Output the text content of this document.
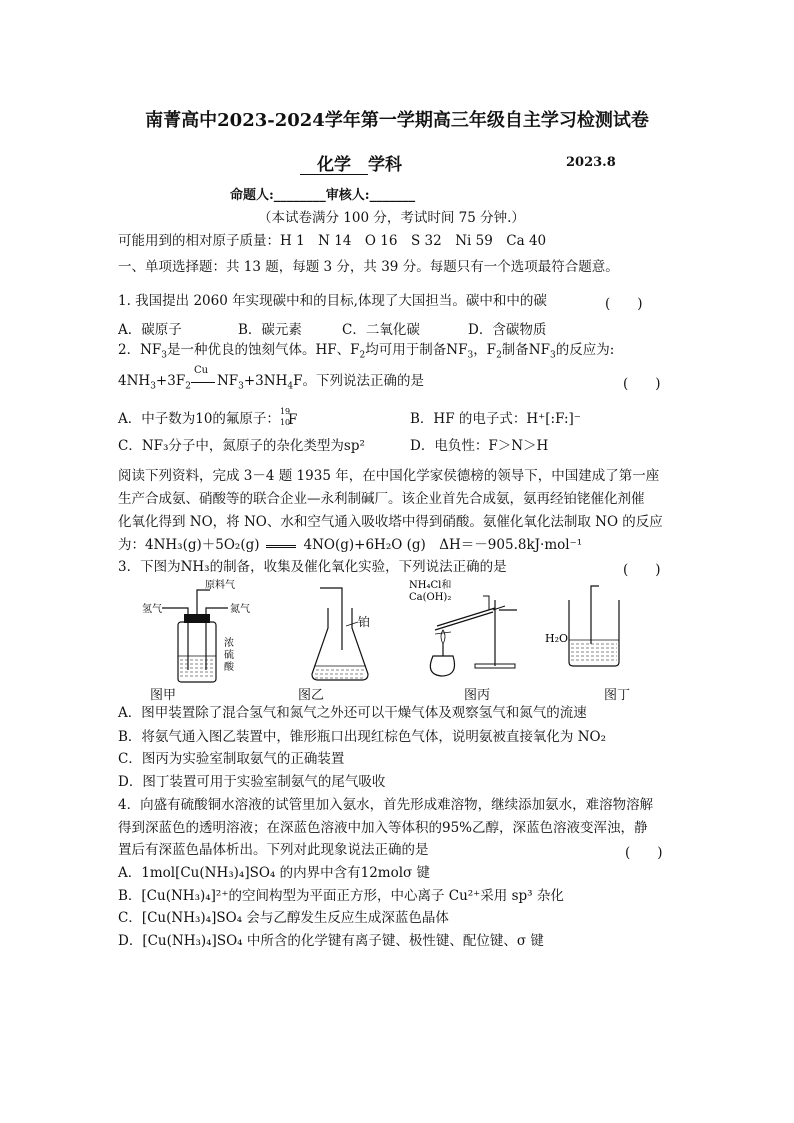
南菁高中2023-2024学年第一学期高三年级自主学习检测试卷
  化学   学科	2023.8
命题人:________审核人:_______
（本试卷满分 100 分，考试时间 75 分钟.）
可能用到的相对原子质量：H 1　N 14　O 16　S 32　Ni 59　Ca 40
一、单项选择题：共 13 题，每题 3 分，共 39 分。每题只有一个选项最符合题意。
1. 我国提出 2060 年实现碳中和的目标,体现了大国担当。碳中和中的碳	(　　)
A．碳原子	B．碳元素	C．二氧化碳	D．含碳物质
2．$NF_3$是一种优良的蚀刻气体。HF、$F_2$均可用于制备$NF_3$，$F_2$制备$NF_3$的反应为:
$4NH_3+3F_2$
Cu
$NF_3+3NH_4F$。下列说法正确的是	(　　)
A．中子数为10的氟原子： 19
10
F	B．HF 的电子式：H⁺[:F:]⁻
C．NF₃分子中，氮原子的杂化类型为sp²	D．电负性：F＞N＞H
阅读下列资料，完成 3－4 题 1935 年，在中国化学家侯德榜的领导下，中国建成了第一座
生产合成氨、硝酸等的联合企业—永利制碱厂。该企业首先合成氨，氨再经铂铑催化剂催
化氧化得到 NO，将 NO、水和空气通入吸收塔中得到硝酸。氨催化氧化法制取 NO 的反应
为：4NH₃(g)＋5O₂(g)	4NO(g)+6H₂O (g)　ΔH＝－905.8kJ·mol⁻¹
3．下图为NH₃的制备，收集及催化氧化实验，下列说法正确的是	(　　)
原料气
氢气	氮气
浓
硫
酸
铂
NH₄Cl和
Ca(OH)₂
H₂O
图甲	图乙	图丙	图丁
A．图甲装置除了混合氢气和氮气之外还可以干燥气体及观察氢气和氮气的流速
B．将氨气通入图乙装置中，锥形瓶口出现红棕色气体，说明氨被直接氧化为 NO₂
C．图丙为实验室制取氨气的正确装置
D．图丁装置可用于实验室制氨气的尾气吸收
4．向盛有硫酸铜水溶液的试管里加入氨水，首先形成难溶物，继续添加氨水，难溶物溶解
得到深蓝色的透明溶液；在深蓝色溶液中加入等体积的95%乙醇，深蓝色溶液变浑浊，静
置后有深蓝色晶体析出。下列对此现象说法正确的是	(　　)
A．1mol[Cu(NH₃)₄]SO₄ 的内界中含有12molσ 键
B．[Cu(NH₃)₄]²⁺的空间构型为平面正方形，中心离子 Cu²⁺采用 sp³ 杂化
C．[Cu(NH₃)₄]SO₄ 会与乙醇发生反应生成深蓝色晶体
D．[Cu(NH₃)₄]SO₄ 中所含的化学键有离子键、极性键、配位键、σ 键
